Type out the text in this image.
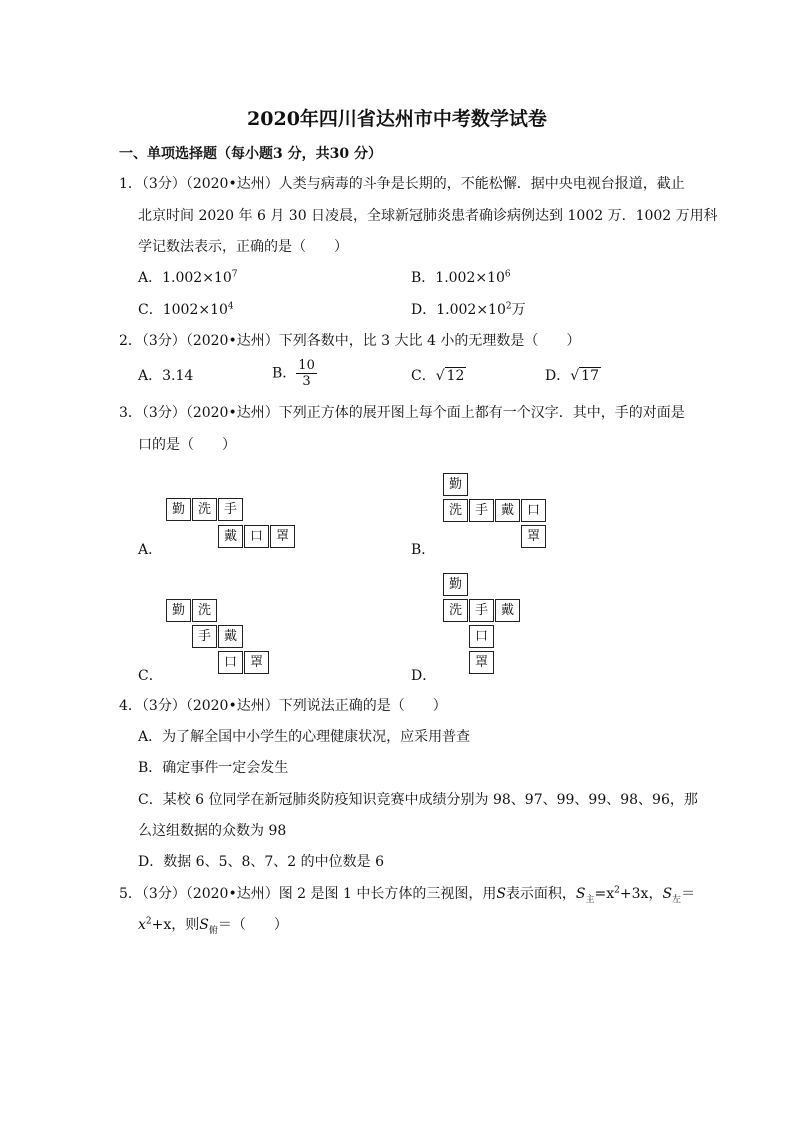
2020年四川省达州市中考数学试卷
一、单项选择题（每小题3 分，共30 分）
1．（3分）（2020•达州）人类与病毒的斗争是长期的，不能松懈．据中央电视台报道，截止
北京时间 2020 年 6 月 30 日凌晨，全球新冠肺炎患者确诊病例达到 1002 万．1002 万用科
学记数法表示，正确的是（　　）
A．$1.002\times 10^7$	B．$1.002\times 10^6$
C．$1002\times 10^4$	D．$1.002\times 10^2$万
2．（3分）（2020•达州）下列各数中，比 3 大比 4 小的无理数是（　　）
A．3.14	B． $\frac{10}{3}$	C．√ 12	D．√ 17
3．（3分）（2020•达州）下列正方体的展开图上每个面上都有一个汉字．其中，手的对面是
口的是（　　）
勤 洗 手
戴 口 罩
A．
勤
洗 手 戴 口
罩
B．
勤 洗
手 戴
口 罩
C．
勤
洗 手 戴
口
罩
D．
4．（3分）（2020•达州）下列说法正确的是（　　）
A．为了解全国中小学生的心理健康状况，应采用普查
B．确定事件一定会发生
C．某校 6 位同学在新冠肺炎防疫知识竞赛中成绩分别为 98、97、99、99、98、96，那
么这组数据的众数为 98
D．数据 6、5、8、7、2 的中位数是 6
5．（3分）（2020•达州）图 2 是图 1 中长方体的三视图，用S表示面积，$S_主=x^2+3x$，$S_左=$
$x^2+x$，则$S_俯=$（　　）
